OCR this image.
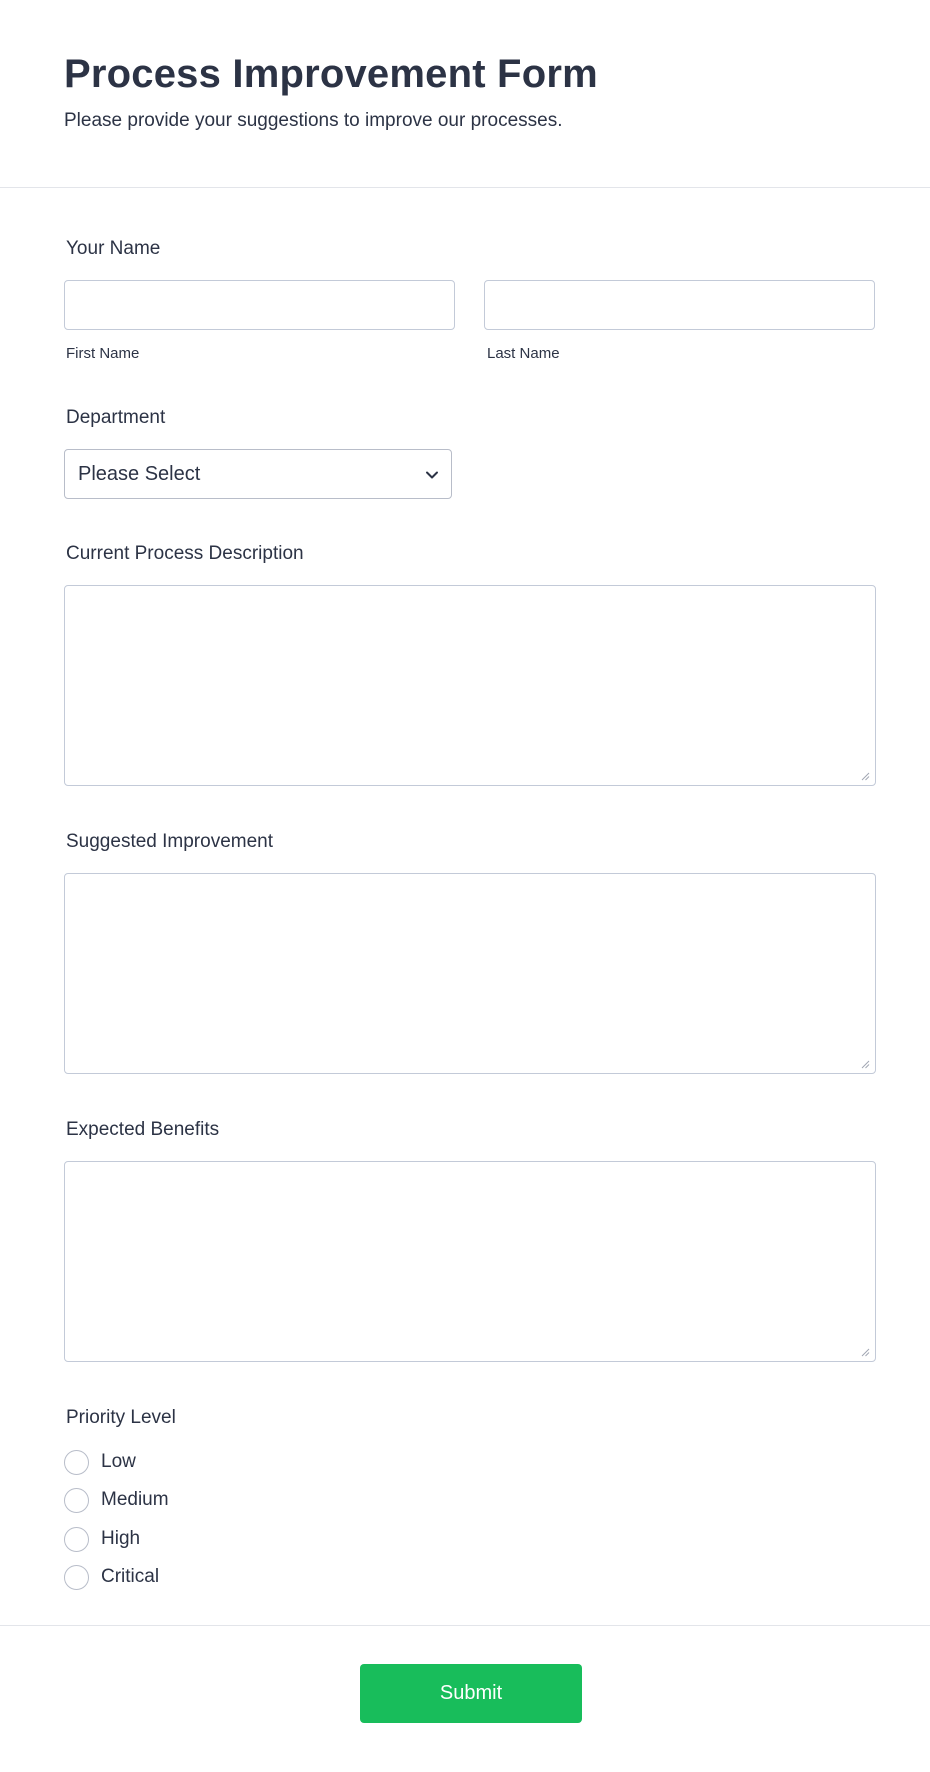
Process Improvement Form

Please provide your suggestions to improve our processes.

Your Name
First Name	Last Name
Department
Please Select
Current Process Description
Suggested Improvement
Expected Benefits
Priority Level
Low
Medium
High
Critical
Submit
